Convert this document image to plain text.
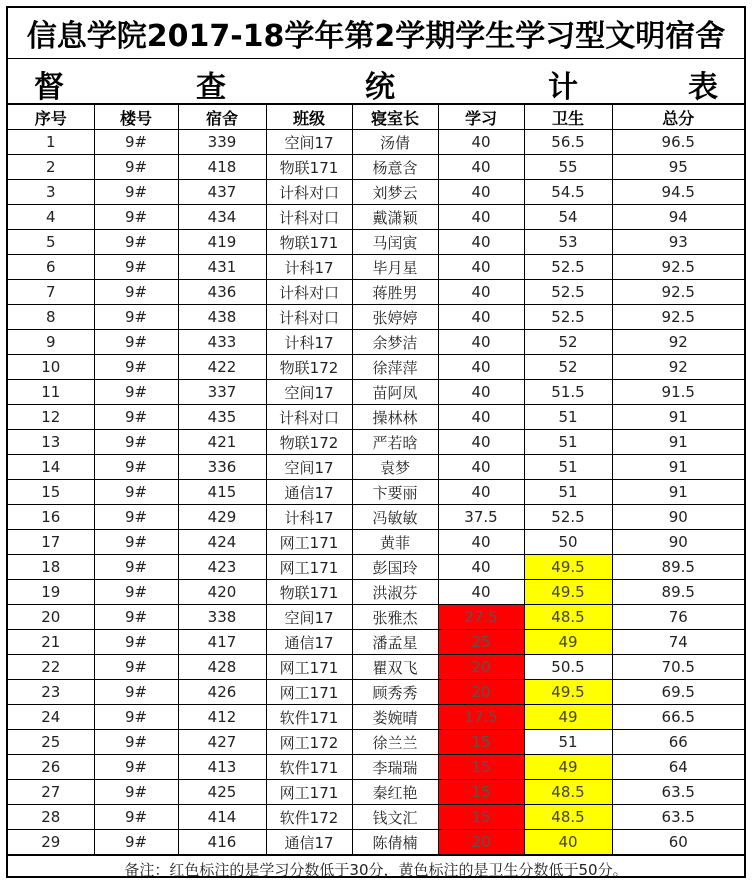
信息学院2017-18学年第2学期学生学习型文明宿舍
督	查	统	计	表
序号	楼号	宿舍	班级	寝室长	学习	卫生	总分
1	9#	339	空间17	汤倩	40	56.5	96.5
2	9#	418	物联171	杨意含	40	55	95
3	9#	437	计科对口	刘梦云	40	54.5	94.5
4	9#	434	计科对口	戴潇颖	40	54	94
5	9#	419	物联171	马闰寅	40	53	93
6	9#	431	计科17	毕月星	40	52.5	92.5
7	9#	436	计科对口	蒋胜男	40	52.5	92.5
8	9#	438	计科对口	张婷婷	40	52.5	92.5
9	9#	433	计科17	余梦洁	40	52	92
10	9#	422	物联172	徐萍萍	40	52	92
11	9#	337	空间17	苗阿凤	40	51.5	91.5
12	9#	435	计科对口	操林林	40	51	91
13	9#	421	物联172	严若晗	40	51	91
14	9#	336	空间17	袁梦	40	51	91
15	9#	415	通信17	卞要丽	40	51	91
16	9#	429	计科17	冯敏敏	37.5	52.5	90
17	9#	424	网工171	黄菲	40	50	90
18	9#	423	网工171	彭国玲	40	49.5	89.5
19	9#	420	物联171	洪淑芬	40	49.5	89.5
20	9#	338	空间17	张雅杰	27.5	48.5	76
21	9#	417	通信17	潘孟星	25	49	74
22	9#	428	网工171	瞿双飞	20	50.5	70.5
23	9#	426	网工171	顾秀秀	20	49.5	69.5
24	9#	412	软件171	娄婉晴	17.5	49	66.5
25	9#	427	网工172	徐兰兰	15	51	66
26	9#	413	软件171	李瑞瑞	15	49	64
27	9#	425	网工171	秦红艳	15	48.5	63.5
28	9#	414	软件172	钱文汇	15	48.5	63.5
29	9#	416	通信17	陈倩楠	20	40	60
备注：红色标注的是学习分数低于30分，黄色标注的是卫生分数低于50分。
